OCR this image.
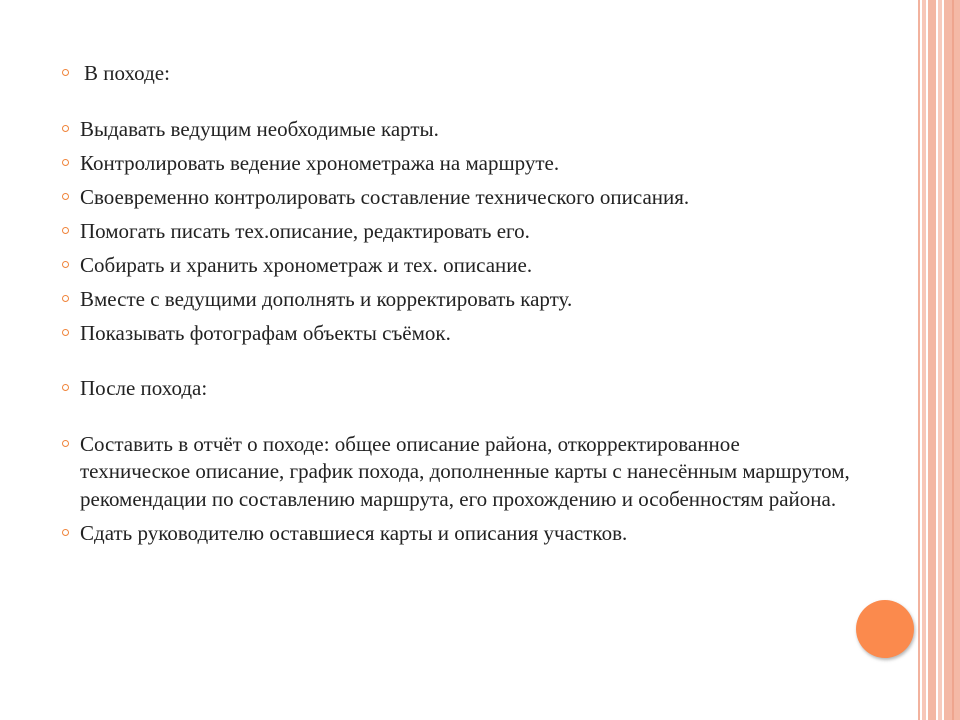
В походе:
Выдавать ведущим необходимые карты.
Контролировать ведение хронометража на маршруте.
Своевременно контролировать составление технического описания.
Помогать писать тех.описание, редактировать его.
Собирать и хранить хронометраж и тех. описание.
Вместе с ведущими дополнять и корректировать карту.
Показывать фотографам объекты съёмок.
После похода:
Составить в отчёт о походе: общее описание района, откорректированное техническое описание, график похода, дополненные карты с нанесённым маршрутом, рекомендации по составлению маршрута, его прохождению и особенностям района.
Сдать руководителю оставшиеся карты и описания участков.
